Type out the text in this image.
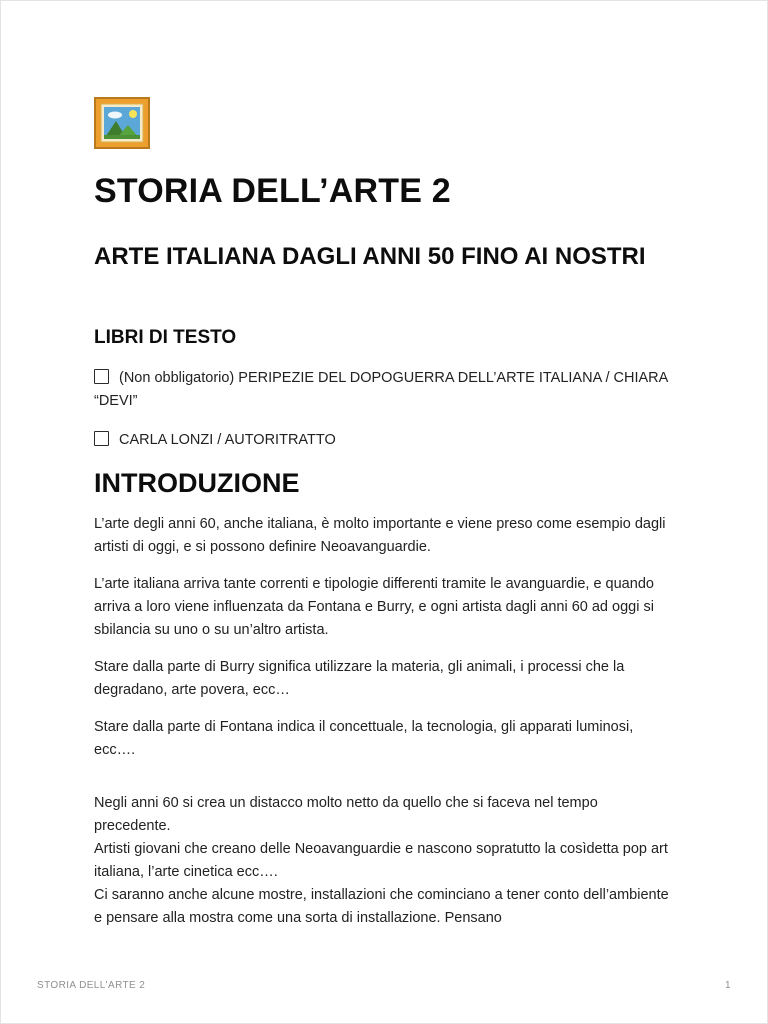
STORIA DELL’ARTE 2
ARTE ITALIANA DAGLI ANNI 50 FINO AI NOSTRI
LIBRI DI TESTO
(Non obbligatorio) PERIPEZIE DEL DOPOGUERRA DELL’ARTE ITALIANA / CHIARA “DEVI”
CARLA LONZI / AUTORITRATTO
INTRODUZIONE

L’arte degli anni 60, anche italiana, è molto importante e viene preso come esempio dagli artisti di oggi, e si possono definire Neoavanguardie.

L’arte italiana arriva tante correnti e tipologie differenti tramite le avanguardie, e quando arriva a loro viene influenzata da Fontana e Burry, e ogni artista dagli anni 60 ad oggi si sbilancia su uno o su un’altro artista.

Stare dalla parte di Burry significa utilizzare la materia, gli animali, i processi che la degradano, arte povera, ecc…

Stare dalla parte di Fontana indica il concettuale, la tecnologia, gli apparati luminosi, ecc….

Negli anni 60 si crea un distacco molto netto da quello che si faceva nel tempo precedente.

Artisti giovani che creano delle Neoavanguardie e nascono sopratutto la cosìdetta pop art italiana, l’arte cinetica ecc….

Ci saranno anche alcune mostre, installazioni che cominciano a tener conto dell’ambiente e pensare alla mostra come una sorta di installazione. Pensano

STORIA DELL'ARTE 2	1
